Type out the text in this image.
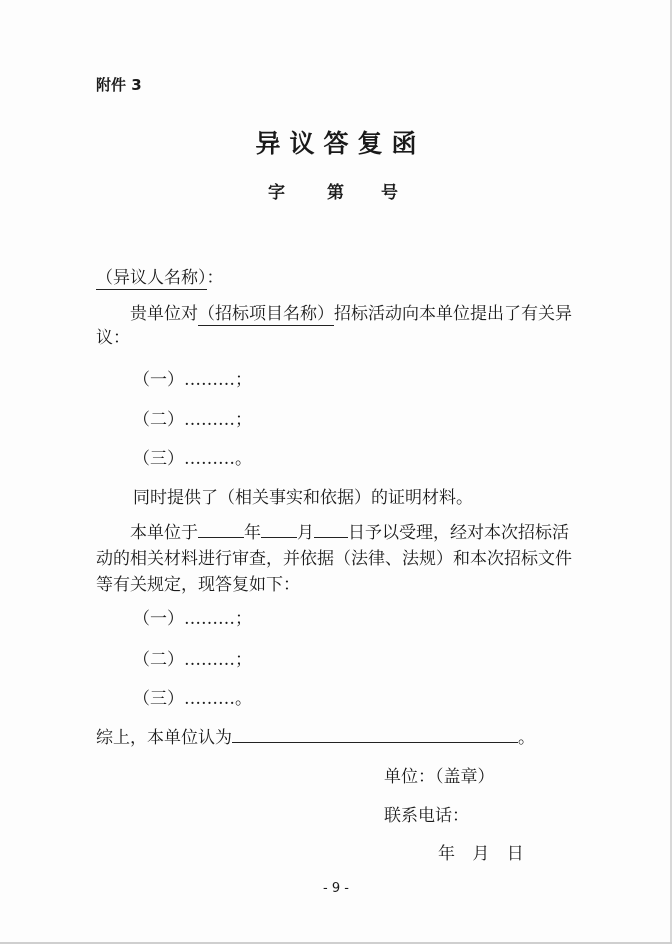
附件 3
异议答复函
字 第 号
（异议人名称）：
贵单位对（招标项目名称）招标活动向本单位提出了有关异议：
（一）………；
（二）………；
（三）………。
同时提供了（相关事实和依据）的证明材料。
本单位于	年 月 日予以受理，经对本次招标活动的相关材料进行审查，并依据（法律、法规）和本次招标文件等有关规定，现答复如下：
（一）………；
（二）………；
（三）………。
综上，本单位认为	。
单位：（盖章）
联系电话：
年 月 日
- 9 -
